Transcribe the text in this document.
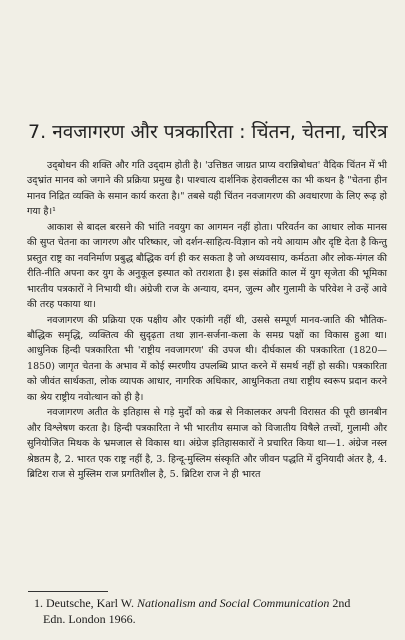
7. नवजागरण और पत्रकारिता : चिंतन, चेतना, चरित्र

उद्‌बोधन की शक्ति और गति उद्‌दाम होती है। 'उत्तिष्ठत जाग्रत प्राप्य वरान्निबोधत' वैदिक चिंतन में भी उद्‌भ्रांत मानव को जगाने की प्रक्रिया प्रमुख है। पाश्चात्य दार्शनिक हेराक्लीटस का भी कथन है "चेतना हीन मानव निद्रित व्यक्ति के समान कार्य करता है।" तबसे यही चिंतन नवजागरण की अवधारणा के लिए रूढ़ हो गया है।¹

आकाश से बादल बरसने की भांति नवयुग का आगमन नहीं होता। परिवर्तन का आधार लोक मानस की सुप्त चेतना का जागरण और परिष्कार, जो दर्शन-साहित्य-विज्ञान को नये आयाम और दृष्टि देता है किन्तु प्रस्तुत राष्ट्र का नवनिर्माण प्रबुद्ध बौद्धिक वर्ग ही कर सकता है जो अध्यवसाय, कर्मठता और लोक-मंगल की रीति-नीति अपना कर युग के अनुकूल इस्पात को तराशता है। इस संक्रांति काल में युग सृजेता की भूमिका भारतीय पत्रकारों ने निभायी थी। अंग्रेजी राज के अन्याय, दमन, जुल्म और गुलामी के परिवेश ने उन्हें आवे की तरह पकाया था।

नवजागरण की प्रक्रिया एक पक्षीय और एकांगी नहीं थी, उससे सम्पूर्ण मानव-जाति की भौतिक-बौद्धिक समृद्धि, व्यक्तित्व की सुदृढ़ता तथा ज्ञान-सर्जना-कला के समग्र पक्षों का विकास हुआ था। आधुनिक हिन्दी पत्रकारिता भी 'राष्ट्रीय नवजागरण' की उपज थी। दीर्घकाल की पत्रकारिता (1820—1850) जागृत चेतना के अभाव में कोई स्मरणीय उपलब्धि प्राप्त करने में समर्थ नहीं हो सकी। पत्रकारिता को जीवंत सार्थकता, लोक व्यापक आधार, नागरिक अधिकार, आधुनिकता तथा राष्ट्रीय स्वरूप प्रदान करने का श्रेय राष्ट्रीय नवोत्थान को ही है।

नवजागरण अतीत के इतिहास से गड़े मुर्दों को कब्र से निकालकर अपनी विरासत की पूरी छानबीन और विश्लेषण करता है। हिन्दी पत्रकारिता ने भी भारतीय समाज को विजातीय विषैले तत्त्वों, गुलामी और सुनियोजित मिथक के भ्रमजाल से विकास था। अंग्रेज इतिहासकारों ने प्रचारित किया था—1. अंग्रेज नस्ल श्रेष्ठतम है, 2. भारत एक राष्ट्र नहीं है, 3. हिन्दू-मुस्लिम संस्कृति और जीवन पद्धति में दुनियादी अंतर है, 4. ब्रिटिश राज से मुस्लिम राज प्रगतिशील है, 5. ब्रिटिश राज ने ही भारत

1. Deutsche, Karl W. Nationalism and Social Communication 2nd
Edn. London 1966.
